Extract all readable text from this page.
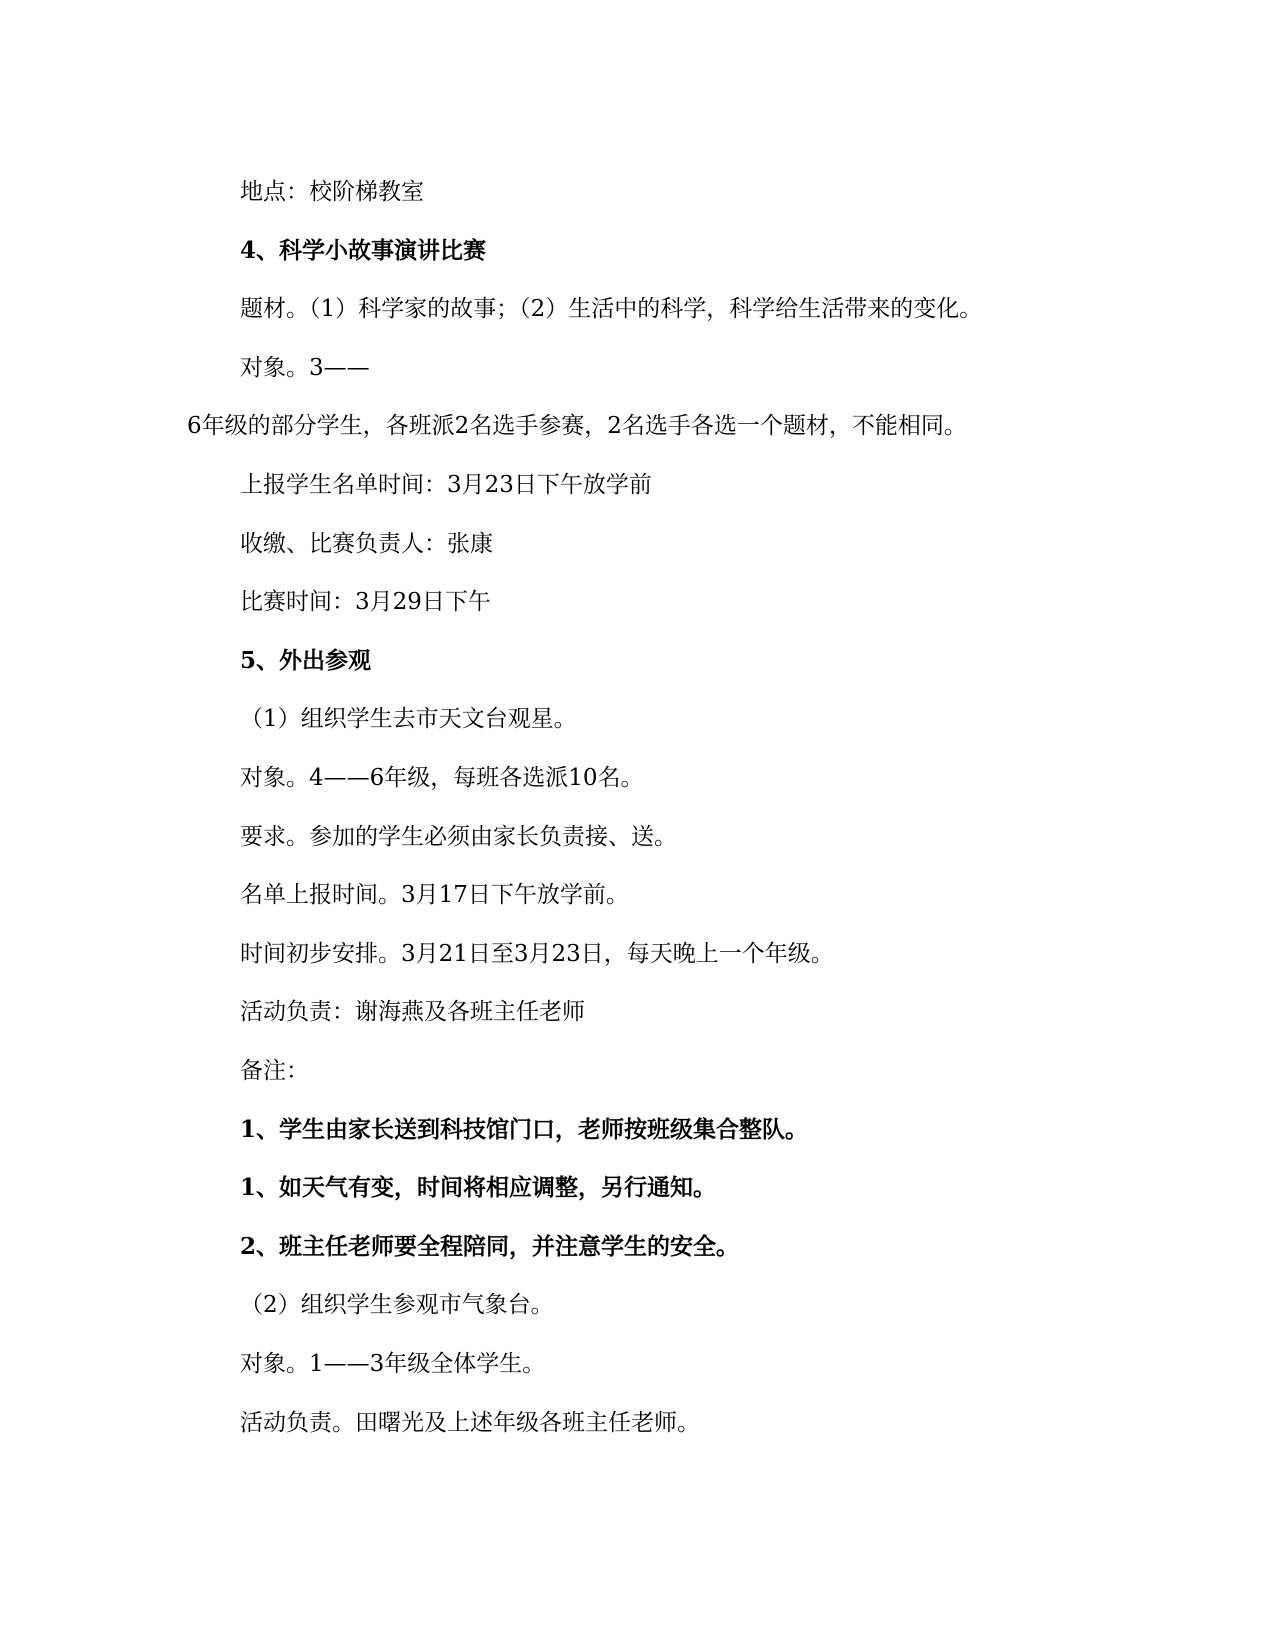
地点：校阶梯教室
4、科学小故事演讲比赛
题材。（1）科学家的故事；（2）生活中的科学，科学给生活带来的变化。
对象。3——
6年级的部分学生，各班派2名选手参赛，2名选手各选一个题材，不能相同。
上报学生名单时间：3月23日下午放学前
收缴、比赛负责人：张康
比赛时间：3月29日下午
5、外出参观
（1）组织学生去市天文台观星。
对象。4——6年级，每班各选派10名。
要求。参加的学生必须由家长负责接、送。
名单上报时间。3月17日下午放学前。
时间初步安排。3月21日至3月23日，每天晚上一个年级。
活动负责：谢海燕及各班主任老师
备注：
1、学生由家长送到科技馆门口，老师按班级集合整队。
1、如天气有变，时间将相应调整，另行通知。
2、班主任老师要全程陪同，并注意学生的安全。
（2）组织学生参观市气象台。
对象。1——3年级全体学生。
活动负责。田曙光及上述年级各班主任老师。
